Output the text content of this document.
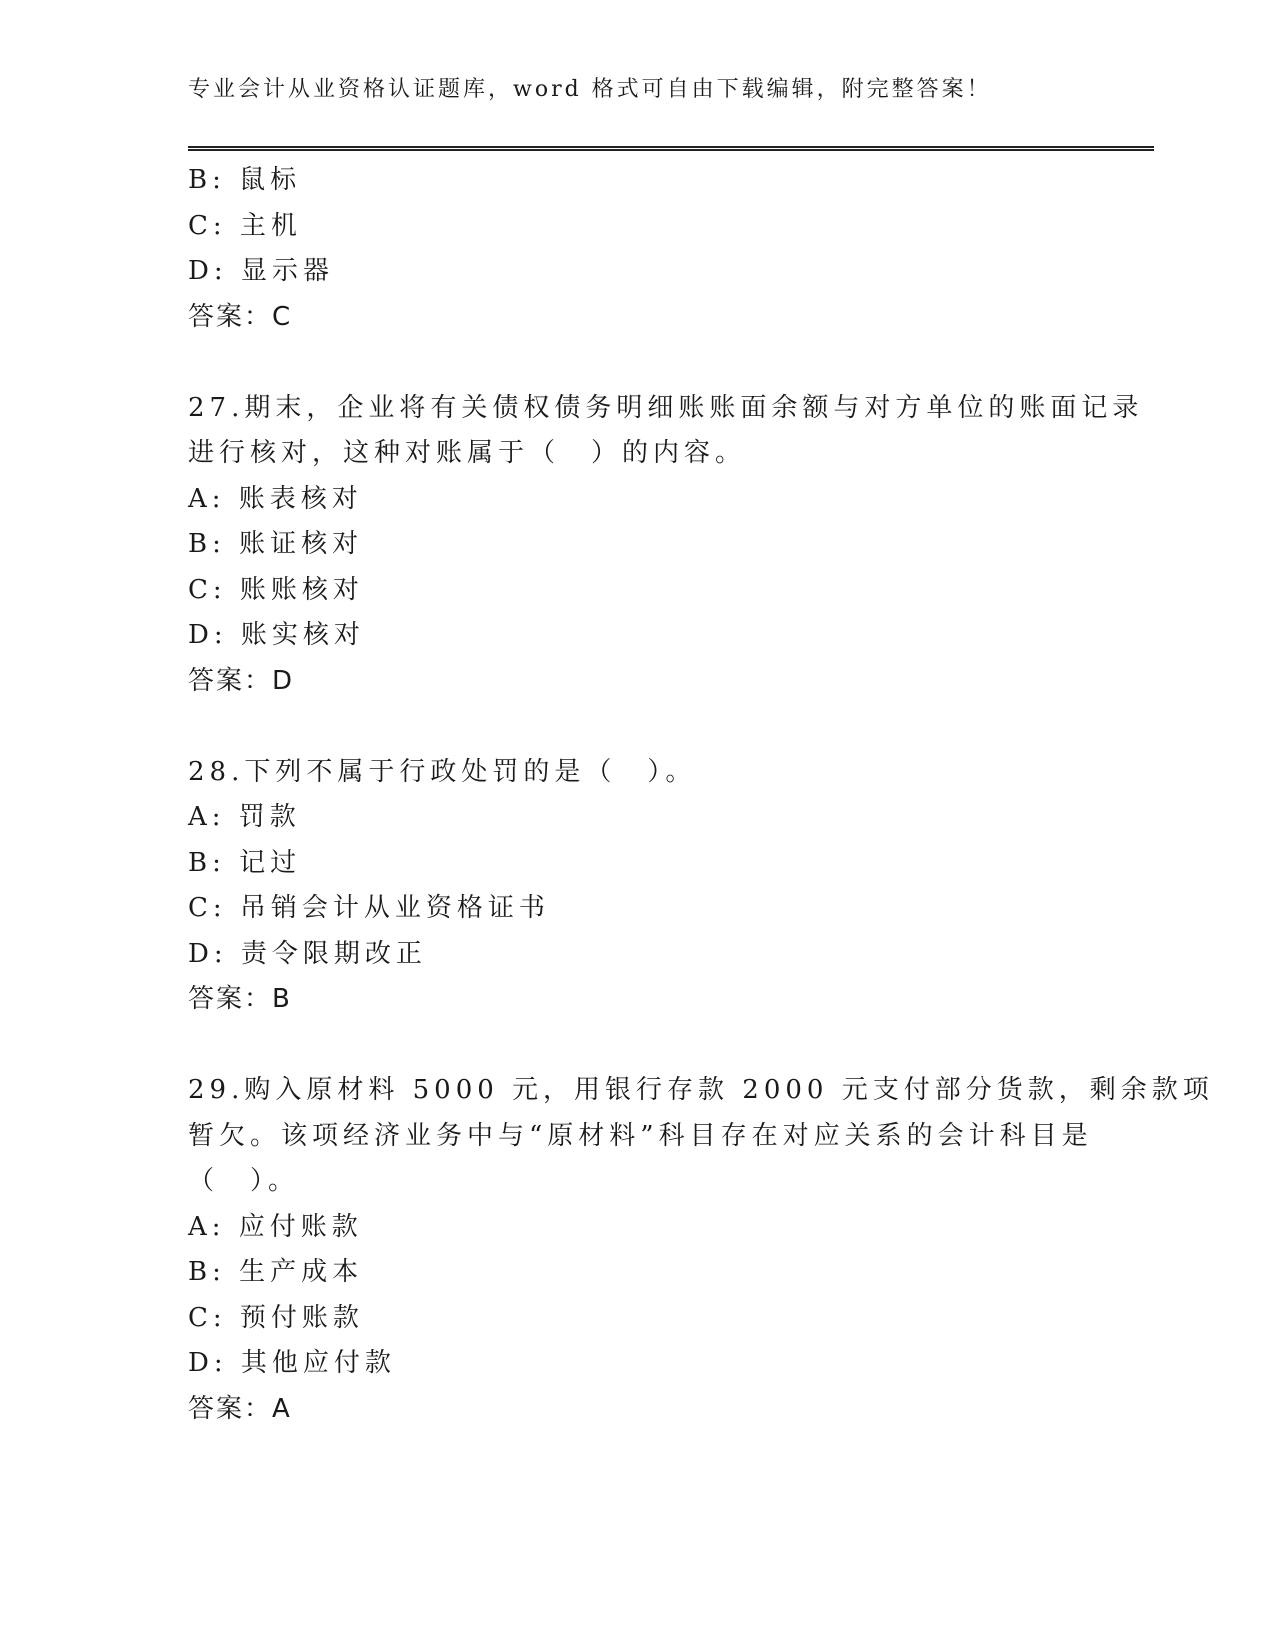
专业会计从业资格认证题库，word 格式可自由下载编辑，附完整答案！
B: 鼠标
C: 主机
D: 显示器
答案：C
27.期末，企业将有关债权债务明细账账面余额与对方单位的账面记录
进行核对，这种对账属于（　）的内容。
A: 账表核对
B: 账证核对
C: 账账核对
D: 账实核对
答案：D
28.下列不属于行政处罚的是（　）。
A: 罚款
B: 记过
C: 吊销会计从业资格证书
D: 责令限期改正
答案：B
29.购入原材料 5000 元，用银行存款 2000 元支付部分货款，剩余款项
暂欠。该项经济业务中与“原材料”科目存在对应关系的会计科目是
（　）。
A: 应付账款
B: 生产成本
C: 预付账款
D: 其他应付款
答案：A
